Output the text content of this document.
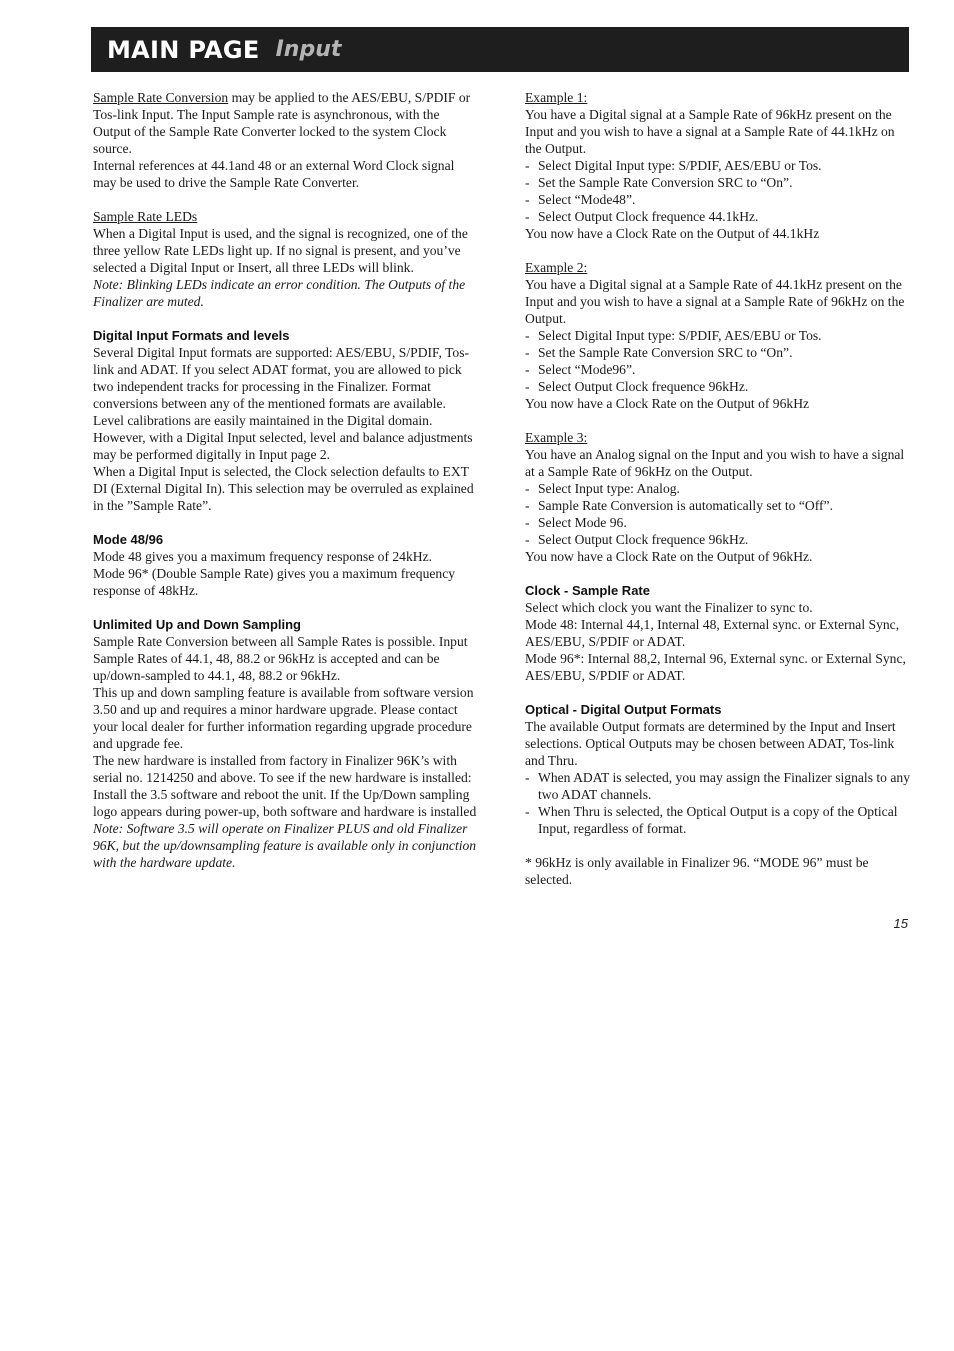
MAIN PAGE Input

Sample Rate Conversion may be applied to the AES/EBU, S/PDIF or Tos-link Input. The Input Sample rate is asynchronous, with the Output of the Sample Rate Converter locked to the system Clock source.

Internal references at 44.1and 48 or an external Word Clock signal may be used to drive the Sample Rate Converter.

Sample Rate LEDs

When a Digital Input is used, and the signal is recognized, one of the three yellow Rate LEDs light up. If no signal is present, and you’ve selected a Digital Input or Insert, all three LEDs will blink.

Note: Blinking LEDs indicate an error condition. The Outputs of the Finalizer are muted.

Digital Input Formats and levels

Several Digital Input formats are supported: AES/EBU, S/PDIF, Tos-link and ADAT. If you select ADAT format, you are allowed to pick two independent tracks for processing in the Finalizer. Format conversions between any of the mentioned formats are available.

Level calibrations are easily maintained in the Digital domain. However, with a Digital Input selected, level and balance adjustments may be performed digitally in Input page 2.

When a Digital Input is selected, the Clock selection defaults to EXT DI (External Digital In). This selection may be overruled as explained in the ”Sample Rate”.

Mode 48/96

Mode 48 gives you a maximum frequency response of 24kHz.

Mode 96* (Double Sample Rate) gives you a maximum frequency response of 48kHz.

Unlimited Up and Down Sampling

Sample Rate Conversion between all Sample Rates is possible. Input Sample Rates of 44.1, 48, 88.2 or 96kHz is accepted and can be up/down-sampled to 44.1, 48, 88.2 or 96kHz.

This up and down sampling feature is available from software version 3.50 and up and requires a minor hardware upgrade. Please contact your local dealer for further information regarding upgrade procedure and upgrade fee.

The new hardware is installed from factory in Finalizer 96K’s with serial no. 1214250 and above. To see if the new hardware is installed: Install the 3.5 software and reboot the unit. If the Up/Down sampling logo appears during power-up, both software and hardware is installed

Note: Software 3.5 will operate on Finalizer PLUS and old Finalizer 96K, but the up/downsampling feature is available only in conjunction with the hardware update.

Example 1:

You have a Digital signal at a Sample Rate of 96kHz present on the Input and you wish to have a signal at a Sample Rate of 44.1kHz on the Output.

- Select Digital Input type: S/PDIF, AES/EBU or Tos.
- Set the Sample Rate Conversion SRC to “On”.
- Select “Mode48”.
- Select Output Clock frequence 44.1kHz.

You now have a Clock Rate on the Output of 44.1kHz

Example 2:

You have a Digital signal at a Sample Rate of 44.1kHz present on the Input and you wish to have a signal at a Sample Rate of 96kHz on the Output.

- Select Digital Input type: S/PDIF, AES/EBU or Tos.
- Set the Sample Rate Conversion SRC to “On”.
- Select “Mode96”.
- Select Output Clock frequence 96kHz.

You now have a Clock Rate on the Output of 96kHz

Example 3:

You have an Analog signal on the Input and you wish to have a signal at a Sample Rate of 96kHz on the Output.

- Select Input type: Analog.
- Sample Rate Conversion is automatically set to “Off”.
- Select Mode 96.
- Select Output Clock frequence 96kHz.

You now have a Clock Rate on the Output of 96kHz.

Clock - Sample Rate

Select which clock you want the Finalizer to sync to.

Mode 48: Internal 44,1, Internal 48, External sync. or External Sync, AES/EBU, S/PDIF or ADAT.

Mode 96*: Internal 88,2, Internal 96, External sync. or External Sync, AES/EBU, S/PDIF or ADAT.

Optical - Digital Output Formats

The available Output formats are determined by the Input and Insert selections. Optical Outputs may be chosen between ADAT, Tos-link and Thru.

- When ADAT is selected, you may assign the Finalizer signals to any two ADAT channels.
- When Thru is selected, the Optical Output is a copy of the Optical Input, regardless of format.

* 96kHz is only available in Finalizer 96. “MODE 96” must be selected.

15
